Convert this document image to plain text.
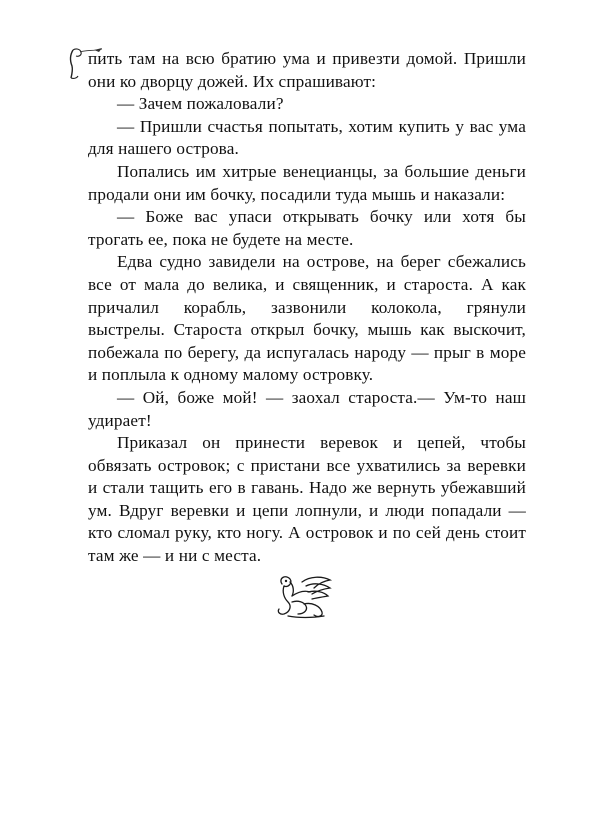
пить там на всю братию ума и привезти домой. Пришли они ко дворцу дожей. Их спрашивают:

— Зачем пожаловали?

— Пришли счастья попытать, хотим купить у вас ума для нашего острова.

Попались им хитрые венецианцы, за большие деньги продали они им бочку, посадили туда мышь и наказали:

— Боже вас упаси открывать бочку или хотя бы трогать ее, пока не будете на месте.

Едва судно завидели на острове, на берег сбежались все от мала до велика, и священник, и староста. А как причалил корабль, зазвонили колокола, грянули выстрелы. Староста открыл бочку, мышь как выскочит, побежала по берегу, да испугалась народу — прыг в море и поплыла к одному малому островку.

— Ой, боже мой! — заохал староста.— Ум-то наш удирает!

Приказал он принести веревок и цепей, чтобы обвязать островок; с пристани все ухватились за веревки и стали тащить его в гавань. Надо же вернуть убежавший ум. Вдруг веревки и цепи лопнули, и люди попадали — кто сломал руку, кто ногу. А островок и по сей день стоит там же — и ни с места.
